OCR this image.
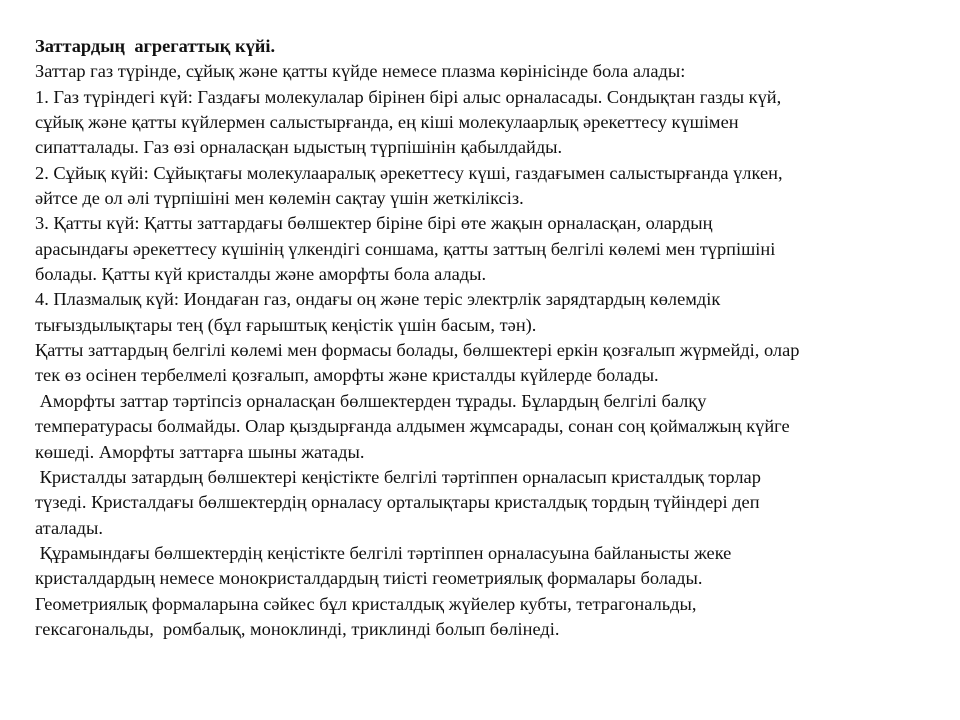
Заттардың  агрегаттық күйі.
Заттар газ түрінде, сұйық және қатты күйде немесе плазма көрінісінде бола алады:
1. Газ түріндегі күй: Газдағы молекулалар бірінен бірі алыс орналасады. Сондықтан газды күй,
сұйық және қатты күйлермен салыстырғанда, ең кіші молекулаарлық әрекеттесу күшімен
сипатталады. Газ өзі орналасқан ыдыстың түрпішінін қабылдайды.
2. Сұйық күйі: Сұйықтағы молекулааралық әрекеттесу күші, газдағымен салыстырғанда үлкен,
әйтсе де ол әлі түрпішіні мен көлемін сақтау үшін жеткіліксіз.
3. Қатты күй: Қатты заттардағы бөлшектер біріне бірі өте жақын орналасқан, олардың
арасындағы әрекеттесу күшінің үлкендігі соншама, қатты заттың белгілі көлемі мен түрпішіні
болады. Қатты күй кристалды және аморфты бола алады.
4. Плазмалық күй: Иондаған газ, ондағы оң және теріс электрлік зарядтардың көлемдік
тығыздылықтары тең (бұл ғарыштық кеңістік үшін басым, тән).
Қатты заттардың белгілі көлемі мен формасы болады, бөлшектері еркін қозғалып жүрмейді, олар
тек өз осінен тербелмелі қозғалып, аморфты және кристалды күйлерде болады.
Аморфты заттар тәртіпсіз орналасқан бөлшектерден тұрады. Бұлардың белгілі балқу
температурасы болмайды. Олар қыздырғанда алдымен жұмсарады, сонан соң қоймалжың күйге
көшеді. Аморфты заттарға шыны жатады.
Кристалды затардың бөлшектері кеңістікте белгілі тәртіппен орналасып кристалдық торлар
түзеді. Кристалдағы бөлшектердің орналасу орталықтары кристалдық тордың түйіндері деп
аталады.
Құрамындағы бөлшектердің кеңістікте белгілі тәртіппен орналасуына байланысты жеке
кристалдардың немесе монокристалдардың тиісті геометриялық формалары болады.
Геометриялық формаларына сәйкес бұл кристалдық жүйелер кубты, тетрагональды,
гексагональды,  ромбалық, моноклинді, триклинді болып бөлінеді.
